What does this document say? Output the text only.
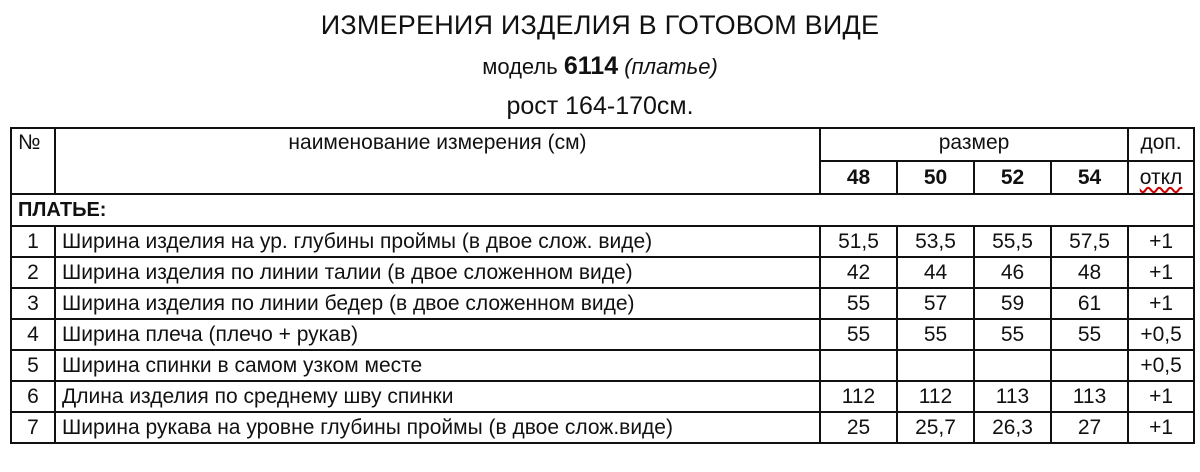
ИЗМЕРЕНИЯ ИЗДЕЛИЯ В ГОТОВОМ ВИДЕ
модель 6114 (платье)
рост 164-170см.
№	наименование измерения (см)	размер				доп.
		48	50	52	54	откл
ПЛАТЬЕ:						
1	Ширина изделия на ур. глубины проймы (в двое слож. виде)	51,5	53,5	55,5	57,5	+1
2	Ширина изделия по линии талии (в двое сложенном виде)	42	44	46	48	+1
3	Ширина изделия по линии бедер (в двое сложенном виде)	55	57	59	61	+1
4	Ширина плеча (плечо + рукав)	55	55	55	55	+0,5
5	Ширина спинки в самом узком месте					+0,5
6	Длина изделия по среднему шву спинки	112	112	113	113	+1
7	Ширина рукава на уровне глубины проймы (в двое слож.виде)	25	25,7	26,3	27	+1
